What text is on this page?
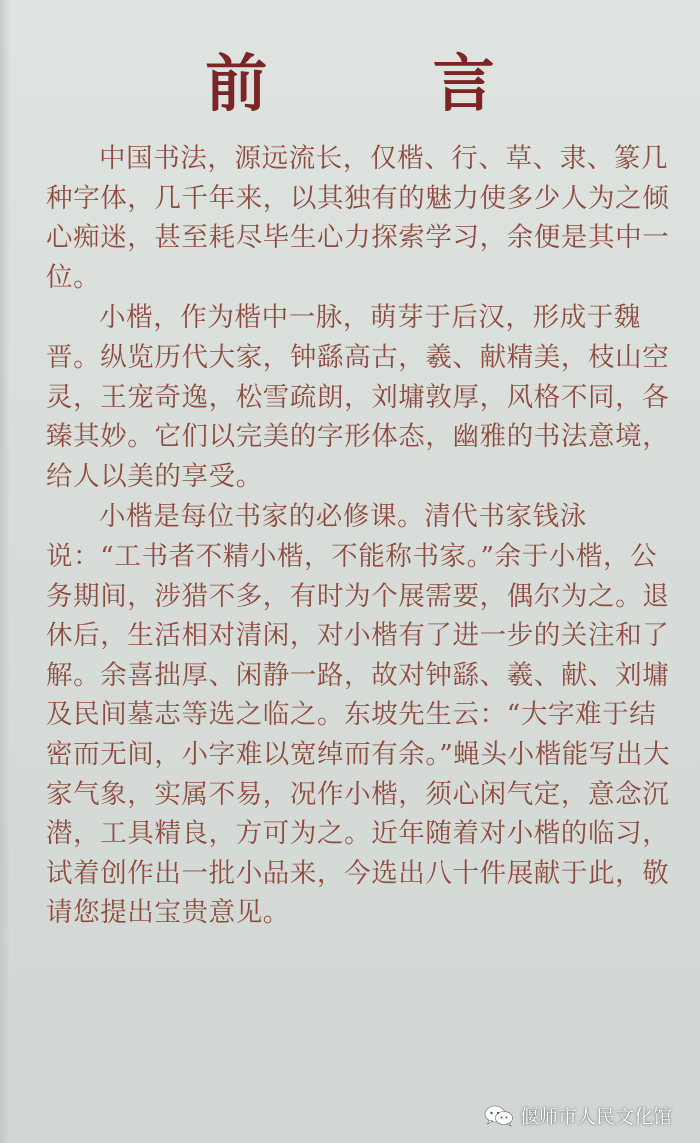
前 言

中国书法，源远流长，仅楷、行、草、隶、篆几种字体，几千年来，以其独有的魅力使多少人为之倾心痴迷，甚至耗尽毕生心力探索学习，余便是其中一位。

小楷，作为楷中一脉，萌芽于后汉，形成于魏晋。纵览历代大家，钟繇高古，羲、献精美，枝山空灵，王宠奇逸，松雪疏朗，刘墉敦厚，风格不同，各臻其妙。它们以完美的字形体态，幽雅的书法意境，给人以美的享受。

小楷是每位书家的必修课。清代书家钱泳说：“工书者不精小楷，不能称书家。”余于小楷，公务期间，涉猎不多，有时为个展需要，偶尔为之。退休后，生活相对清闲，对小楷有了进一步的关注和了解。余喜拙厚、闲静一路，故对钟繇、羲、献、刘墉及民间墓志等选之临之。东坡先生云：“大字难于结密而无间，小字难以宽绰而有余。”蝇头小楷能写出大家气象，实属不易，况作小楷，须心闲气定，意念沉潜，工具精良，方可为之。近年随着对小楷的临习，试着创作出一批小品来，今选出八十件展献于此，敬请您提出宝贵意见。

偃师市人民文化馆
